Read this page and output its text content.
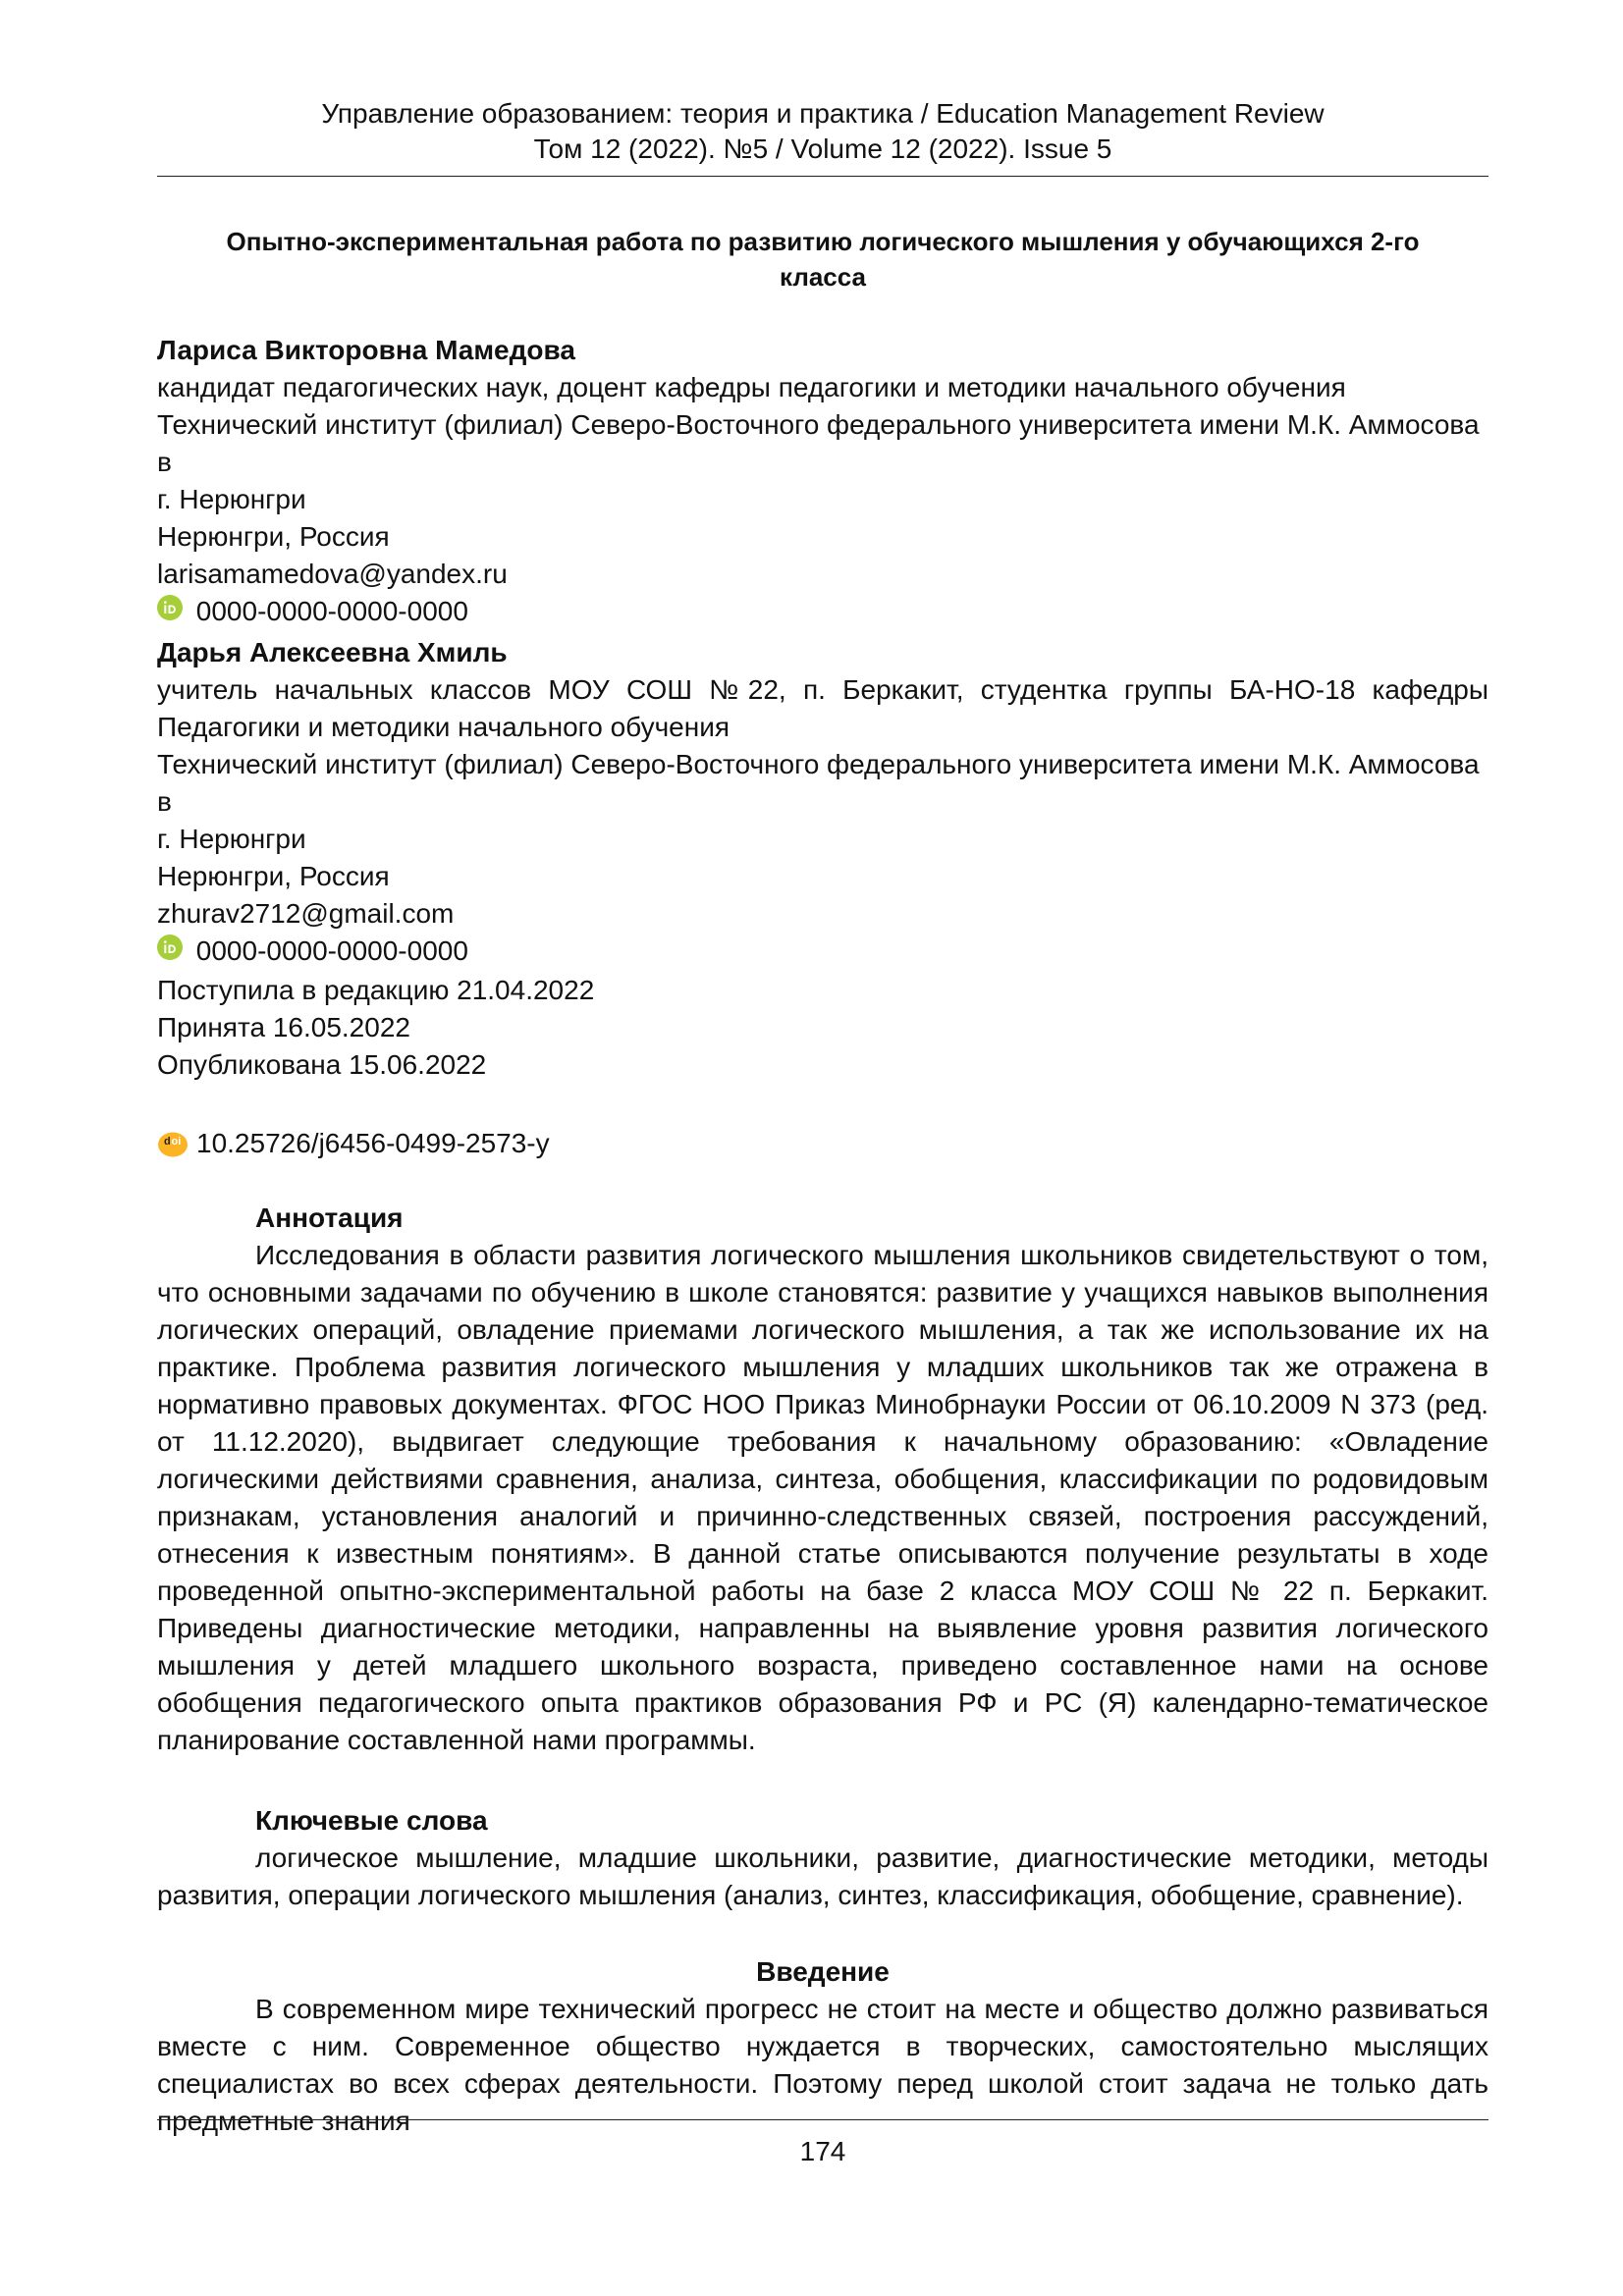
Управление образованием: теория и практика / Education Management Review
Том 12 (2022). №5 / Volume 12 (2022). Issue 5
Опытно-экспериментальная работа по развитию логического мышления у обучающихся 2-го
класса
Лариса Викторовна Мамедова
кандидат педагогических наук, доцент кафедры педагогики и методики начального обучения
Технический институт (филиал) Северо-Восточного федерального университета имени М.К. Аммосова в
г. Нерюнгри
Нерюнгри, Россия
larisamamedova@yandex.ru
0000-0000-0000-0000
Дарья Алексеевна Хмиль
учитель начальных классов МОУ СОШ №22, п. Беркакит, студентка группы БА-НО-18 кафедры
Педагогики и методики начального обучения
Технический институт (филиал) Северо-Восточного федерального университета имени М.К. Аммосова в
г. Нерюнгри
Нерюнгри, Россия
zhurav2712@gmail.com
0000-0000-0000-0000
Поступила в редакцию 21.04.2022
Принята 16.05.2022
Опубликована 15.06.2022
d oi 10.25726/j6456-0499-2573-y
Аннотация

Исследования в области развития логического мышления школьников свидетельствуют о том, что основными задачами по обучению в школе становятся: развитие у учащихся навыков выполнения логических операций, овладение приемами логического мышления, а так же использование их на практике. Проблема развития логического мышления у младших школьников так же отражена в нормативно правовых документах. ФГОС НОО Приказ Минобрнауки России от 06.10.2009 N 373 (ред. от 11.12.2020), выдвигает следующие требования к начальному образованию: «Овладение логическими действиями сравнения, анализа, синтеза, обобщения, классификации по родовидовым признакам, установления аналогий и причинно-следственных связей, построения рассуждений, отнесения к известным понятиям». В данной статье описываются получение результаты в ходе проведенной опытно-экспериментальной работы на базе 2 класса МОУ СОШ № 22 п. Беркакит. Приведены диагностические методики, направленны на выявление уровня развития логического мышления у детей младшего школьного возраста, приведено составленное нами на основе обобщения педагогического опыта практиков образования РФ и РС (Я) календарно-тематическое планирование составленной нами программы.

Ключевые слова

логическое мышление, младшие школьники, развитие, диагностические методики, методы развития, операции логического мышления (анализ, синтез, классификация, обобщение, сравнение).

Введение

В современном мире технический прогресс не стоит на месте и общество должно развиваться вместе с ним. Современное общество нуждается в творческих, самостоятельно мыслящих специалистах во всех сферах деятельности. Поэтому перед школой стоит задача не только дать предметные знания

174
